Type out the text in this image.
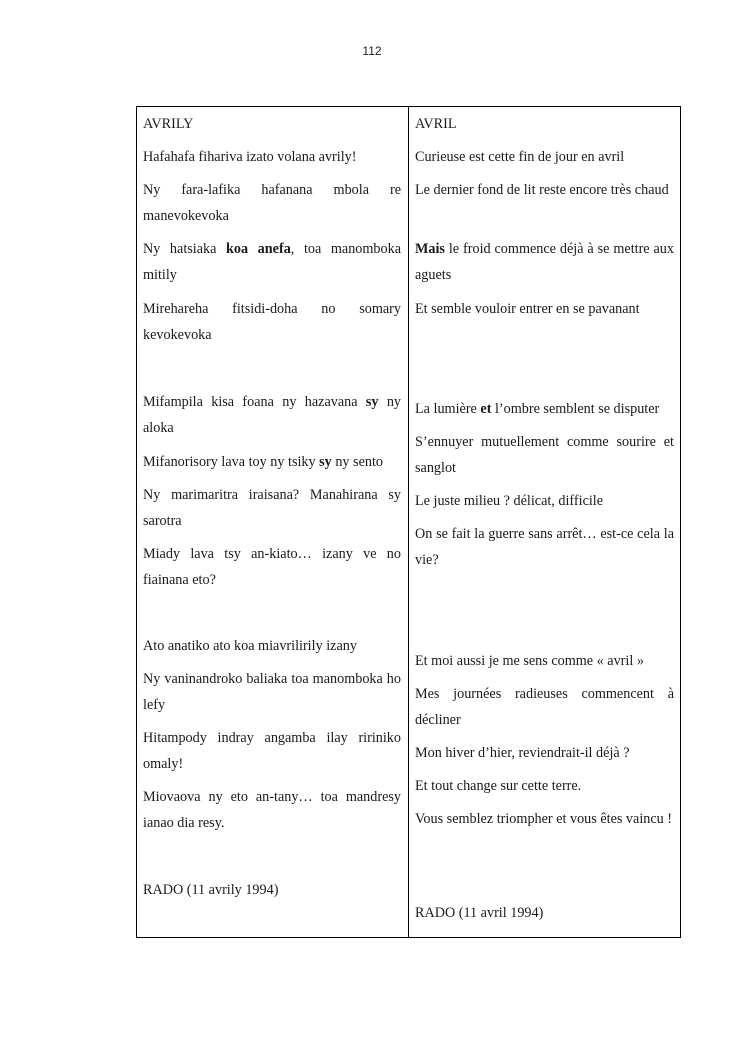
112
AVRILY
Hafahafa fihariva izato volana avrily!
Ny fara-lafika hafanana mbola re manevokevoka
Ny hatsiaka koa anefa, toa manomboka mitily
Mirehareha fitsidi-doha no somary kevokevoka
Mifampila kisa foana ny hazavana sy ny aloka
Mifanorisory lava toy ny tsiky sy ny sento
Ny marimaritra iraisana? Manahirana sy sarotra
Miady lava tsy an-kiato… izany ve no fiainana eto?
Ato anatiko ato koa miavrilirily izany
Ny vaninandroko baliaka toa manomboka ho lefy
Hitampody indray angamba ilay ririniko omaly!
Miovaova ny eto an-tany… toa mandresy ianao dia resy.
RADO (11 avrily 1994)
AVRIL
Curieuse est cette fin de jour en avril
Le dernier fond de lit reste encore très chaud
Mais le froid commence déjà à se mettre aux aguets
Et semble vouloir entrer en se pavanant
La lumière et l’ombre semblent se disputer
S’ennuyer mutuellement comme sourire et sanglot
Le juste milieu ? délicat, difficile
On se fait la guerre sans arrêt… est-ce cela la vie?
Et moi aussi je me sens comme « avril »
Mes journées radieuses commencent à décliner
Mon hiver d’hier, reviendrait-il déjà ?
Et tout change sur cette terre.
Vous semblez triompher et vous êtes vaincu !
RADO (11 avril 1994)
